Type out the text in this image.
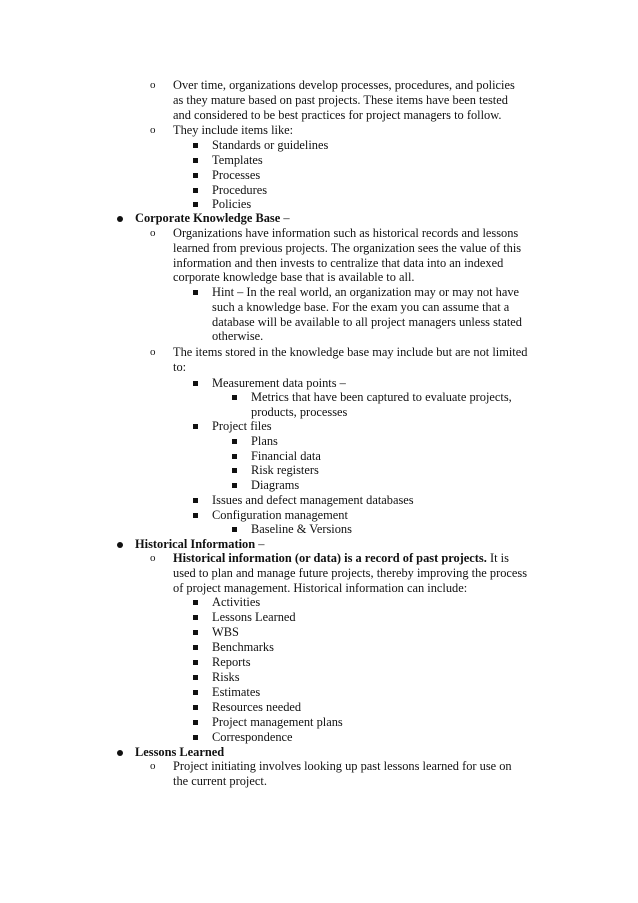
o Over time, organizations develop processes, procedures, and policies
as they mature based on past projects. These items have been tested
and considered to be best practices for project managers to follow.
o They include items like:
Standards or guidelines
Templates
Processes
Procedures
Policies
Corporate Knowledge Base –
o Organizations have information such as historical records and lessons
learned from previous projects. The organization sees the value of this
information and then invests to centralize that data into an indexed
corporate knowledge base that is available to all.
Hint – In the real world, an organization may or may not have
such a knowledge base. For the exam you can assume that a
database will be available to all project managers unless stated
otherwise.
o The items stored in the knowledge base may include but are not limited
to:
Measurement data points –
Metrics that have been captured to evaluate projects,
products, processes
Project files
Plans
Financial data
Risk registers
Diagrams
Issues and defect management databases
Configuration management
Baseline & Versions
Historical Information –
o Historical information (or data) is a record of past projects. It is
used to plan and manage future projects, thereby improving the process
of project management. Historical information can include:
Activities
Lessons Learned
WBS
Benchmarks
Reports
Risks
Estimates
Resources needed
Project management plans
Correspondence
Lessons Learned
o Project initiating involves looking up past lessons learned for use on
the current project.
